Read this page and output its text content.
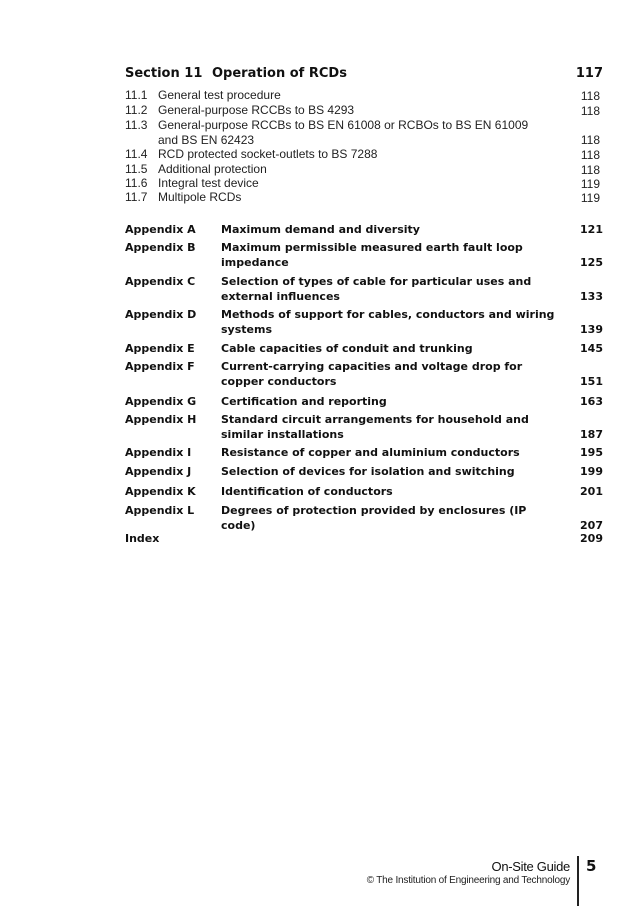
Section 11 Operation of RCDs	117
11.1 General test procedure	118
11.2 General-purpose RCCBs to BS 4293	118
11.3 General-purpose RCCBs to BS EN 61008 or RCBOs to BS EN 61009 and BS EN 62423	118
11.4 RCD protected socket-outlets to BS 7288	118
11.5 Additional protection	118
11.6 Integral test device	119
11.7 Multipole RCDs	119
Appendix A Maximum demand and diversity	121
Appendix B Maximum permissible measured earth fault loop impedance	125
Appendix C Selection of types of cable for particular uses and external influences	133
Appendix D Methods of support for cables, conductors and wiring systems	139
Appendix E Cable capacities of conduit and trunking	145
Appendix F Current-carrying capacities and voltage drop for copper conductors	151
Appendix G Certification and reporting	163
Appendix H Standard circuit arrangements for household and similar installations	187
Appendix I	Resistance of copper and aluminium conductors	195
Appendix J	Selection of devices for isolation and switching	199
Appendix K Identification of conductors	201
Appendix L Degrees of protection provided by enclosures (IP code)	207
Index	209
On-Site Guide
© The Institution of Engineering and Technology
5
